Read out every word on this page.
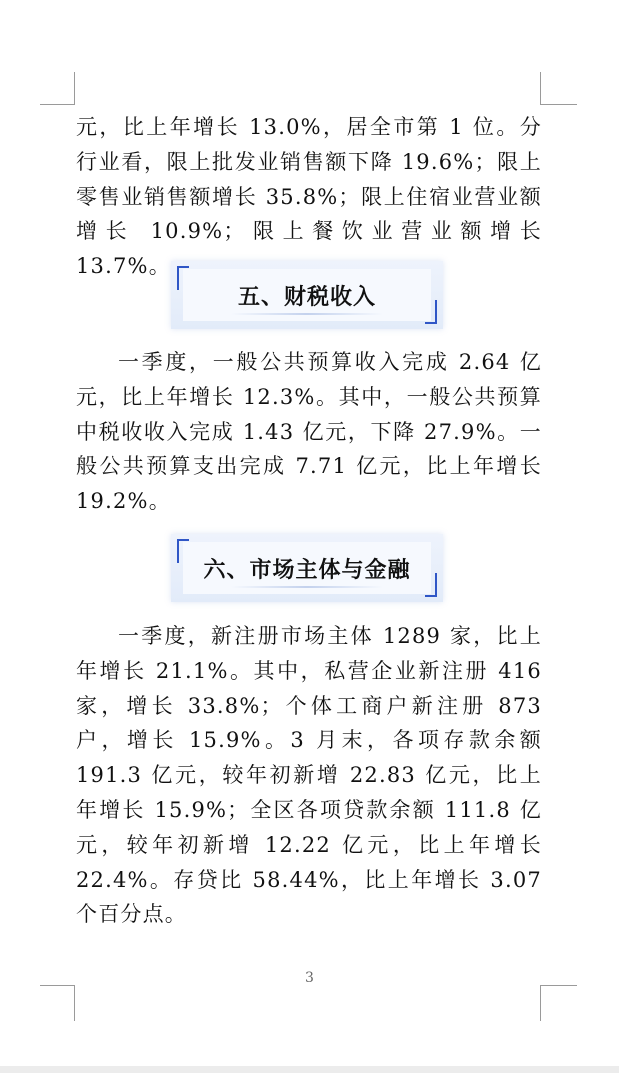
元，比上年增长 13.0%，居全市第 1 位。分行业看，限上批发业销售额下降 19.6%；限上零售业销售额增长 35.8%；限上住宿业营业额增长 10.9%；限上餐饮业营业额增长 13.7%。

五、财税收入

一季度，一般公共预算收入完成 2.64 亿元，比上年增长 12.3%。其中，一般公共预算中税收收入完成 1.43 亿元，下降 27.9%。一般公共预算支出完成 7.71 亿元，比上年增长 19.2%。

六、市场主体与金融

一季度，新注册市场主体 1289 家，比上年增长 21.1%。其中，私营企业新注册 416 家，增长 33.8%；个体工商户新注册 873 户，增长 15.9%。3 月末，各项存款余额 191.3 亿元，较年初新增 22.83 亿元，比上年增长 15.9%；全区各项贷款余额 111.8 亿元，较年初新增 12.22 亿元，比上年增长 22.4%。存贷比 58.44%，比上年增长 3.07 个百分点。

3
